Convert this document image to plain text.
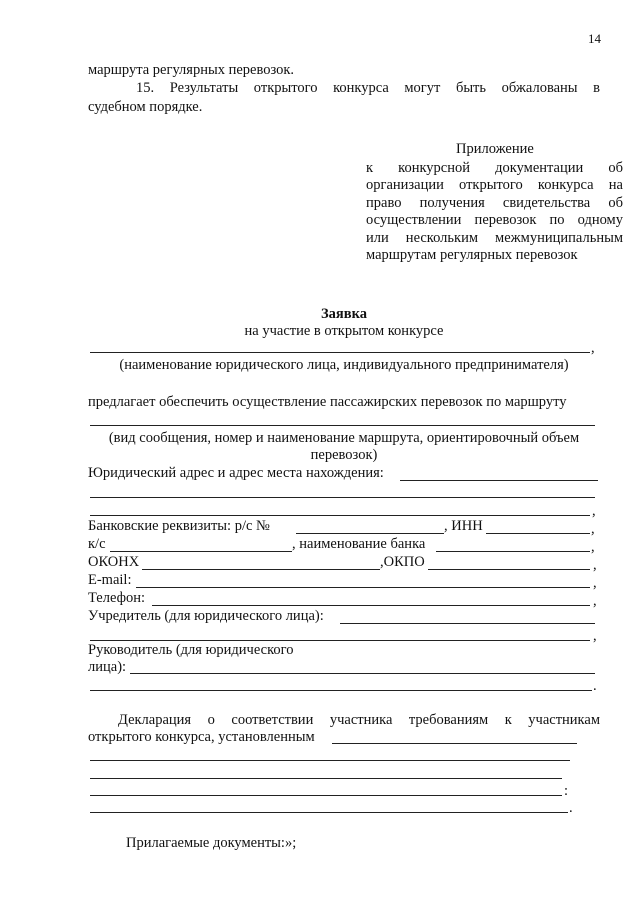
14
маршрута регулярных перевозок.
15. Результаты открытого конкурса могут быть обжалованы в
судебном порядке.
Приложение
к конкурсной документации об
организации открытого конкурса на
право получения свидетельства об
осуществлении перевозок по одному
или нескольким межмуниципальным
маршрутам регулярных перевозок
Заявка
на участие в открытом конкурсе
,
(наименование юридического лица, индивидуального предпринимателя)
предлагает обеспечить осуществление пассажирских перевозок по маршруту
(вид сообщения, номер и наименование маршрута, ориентировочный объем
перевозок)
Юридический адрес и адрес места нахождения:
,
Банковские реквизиты: р/с №	, ИНН	,
к/с	, наименование банка	,
ОКОНХ	,ОКПО	,
E-mail:	,
Телефон:	,
Учредитель (для юридического лица):
,
Руководитель (для юридического
лица):
.
Декларация о соответствии участника требованиям к участникам
открытого конкурса, установленным
:
.
Прилагаемые документы:»;
